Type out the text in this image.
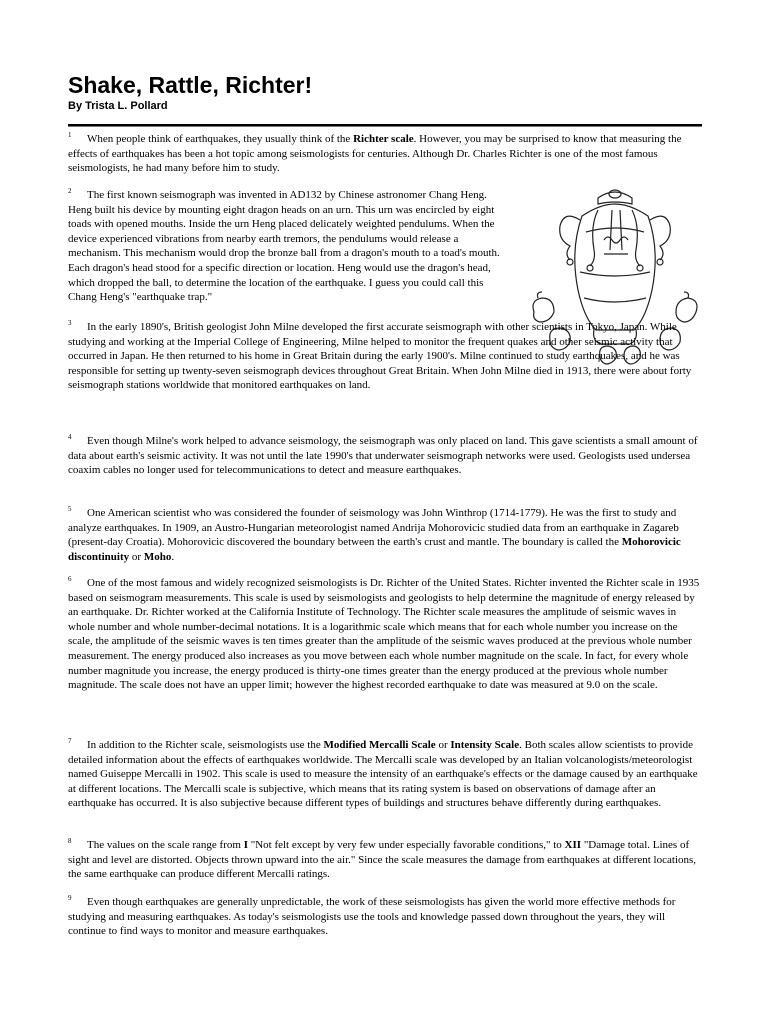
Shake, Rattle, Richter!
By Trista L. Pollard

1 When people think of earthquakes, they usually think of the Richter scale. However, you may be surprised to know that measuring the effects of earthquakes has been a hot topic among seismologists for centuries. Although Dr. Charles Richter is one of the most famous seismologists, he had many before him to study.

2 The first known seismograph was invented in AD132 by Chinese astronomer Chang Heng. Heng built his device by mounting eight dragon heads on an urn. This urn was encircled by eight toads with opened mouths. Inside the urn Heng placed delicately weighted pendulums. When the device experienced vibrations from nearby earth tremors, the pendulums would release a mechanism. This mechanism would drop the bronze ball from a dragon's mouth to a toad's mouth. Each dragon's head stood for a specific direction or location. Heng would use the dragon's head, which dropped the ball, to determine the location of the earthquake. I guess you could call this Chang Heng's "earthquake trap."

3 In the early 1890's, British geologist John Milne developed the first accurate seismograph with other scientists in Tokyo, Japan. While studying and working at the Imperial College of Engineering, Milne helped to monitor the frequent quakes and other seismic activity that occurred in Japan. He then returned to his home in Great Britain during the early 1900's. Milne continued to study earthquakes, and he was responsible for setting up twenty-seven seismograph devices throughout Great Britain. When John Milne died in 1913, there were about forty seismograph stations worldwide that monitored earthquakes on land.

4 Even though Milne's work helped to advance seismology, the seismograph was only placed on land. This gave scientists a small amount of data about earth's seismic activity. It was not until the late 1990's that underwater seismograph networks were used. Geologists used undersea coaxim cables no longer used for telecommunications to detect and measure earthquakes.

5 One American scientist who was considered the founder of seismology was John Winthrop (1714-1779). He was the first to study and analyze earthquakes. In 1909, an Austro-Hungarian meteorologist named Andrija Mohorovicic studied data from an earthquake in Zagareb (present-day Croatia). Mohorovicic discovered the boundary between the earth's crust and mantle. The boundary is called the Mohorovicic discontinuity or Moho.

6 One of the most famous and widely recognized seismologists is Dr. Richter of the United States. Richter invented the Richter scale in 1935 based on seismogram measurements. This scale is used by seismologists and geologists to help determine the magnitude of energy released by an earthquake. Dr. Richter worked at the California Institute of Technology. The Richter scale measures the amplitude of seismic waves in whole number and whole number-decimal notations. It is a logarithmic scale which means that for each whole number you increase on the scale, the amplitude of the seismic waves is ten times greater than the amplitude of the seismic waves produced at the previous whole number measurement. The energy produced also increases as you move between each whole number magnitude on the scale. In fact, for every whole number magnitude you increase, the energy produced is thirty-one times greater than the energy produced at the previous whole number magnitude. The scale does not have an upper limit; however the highest recorded earthquake to date was measured at 9.0 on the scale.

7 In addition to the Richter scale, seismologists use the Modified Mercalli Scale or Intensity Scale. Both scales allow scientists to provide detailed information about the effects of earthquakes worldwide. The Mercalli scale was developed by an Italian volcanologists/meteorologist named Guiseppe Mercalli in 1902. This scale is used to measure the intensity of an earthquake's effects or the damage caused by an earthquake at different locations. The Mercalli scale is subjective, which means that its rating system is based on observations of damage after an earthquake has occurred. It is also subjective because different types of buildings and structures behave differently during earthquakes.

8 The values on the scale range from I "Not felt except by very few under especially favorable conditions," to XII "Damage total. Lines of sight and level are distorted. Objects thrown upward into the air." Since the scale measures the damage from earthquakes at different locations, the same earthquake can produce different Mercalli ratings.

9 Even though earthquakes are generally unpredictable, the work of these seismologists has given the world more effective methods for studying and measuring earthquakes. As today's seismologists use the tools and knowledge passed down throughout the years, they will continue to find ways to monitor and measure earthquakes.
